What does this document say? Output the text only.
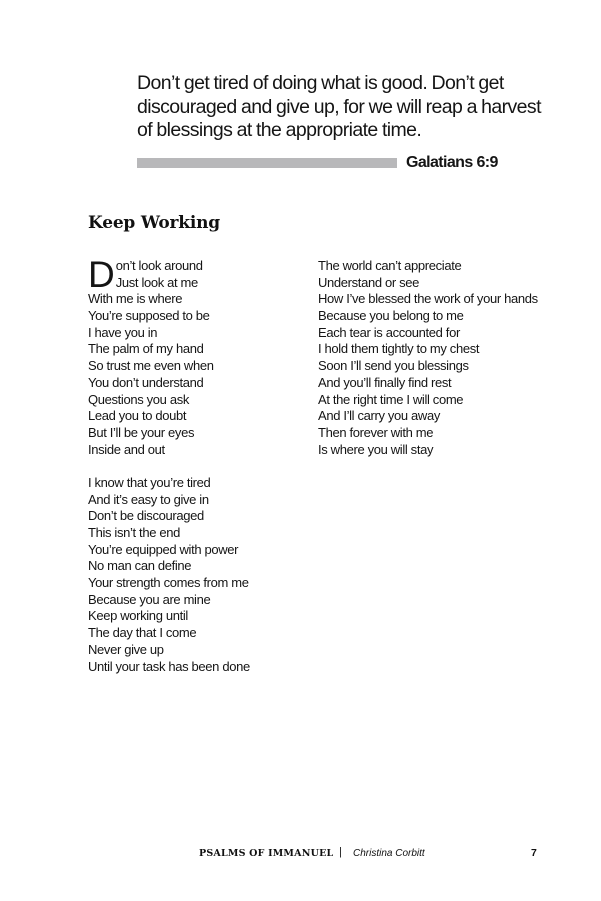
Don’t get tired of doing what is good. Don’t get
discouraged and give up, for we will reap a harvest
of blessings at the appropriate time.
Galatians 6:9
Keep Working
D on’t look around
Just look at me
With me is where
You’re supposed to be
I have you in
The palm of my hand
So trust me even when
You don’t understand
Questions you ask
Lead you to doubt
But I’ll be your eyes
Inside and out
I know that you’re tired
And it’s easy to give in
Don’t be discouraged
This isn’t the end
You’re equipped with power
No man can define
Your strength comes from me
Because you are mine
Keep working until
The day that I come
Never give up
Until your task has been done
The world can’t appreciate
Understand or see
How I’ve blessed the work of your hands
Because you belong to me
Each tear is accounted for
I hold them tightly to my chest
Soon I’ll send you blessings
And you’ll finally find rest
At the right time I will come
And I’ll carry you away
Then forever with me
Is where you will stay
PSALMS OF IMMANUEL | Christina Corbitt	7
